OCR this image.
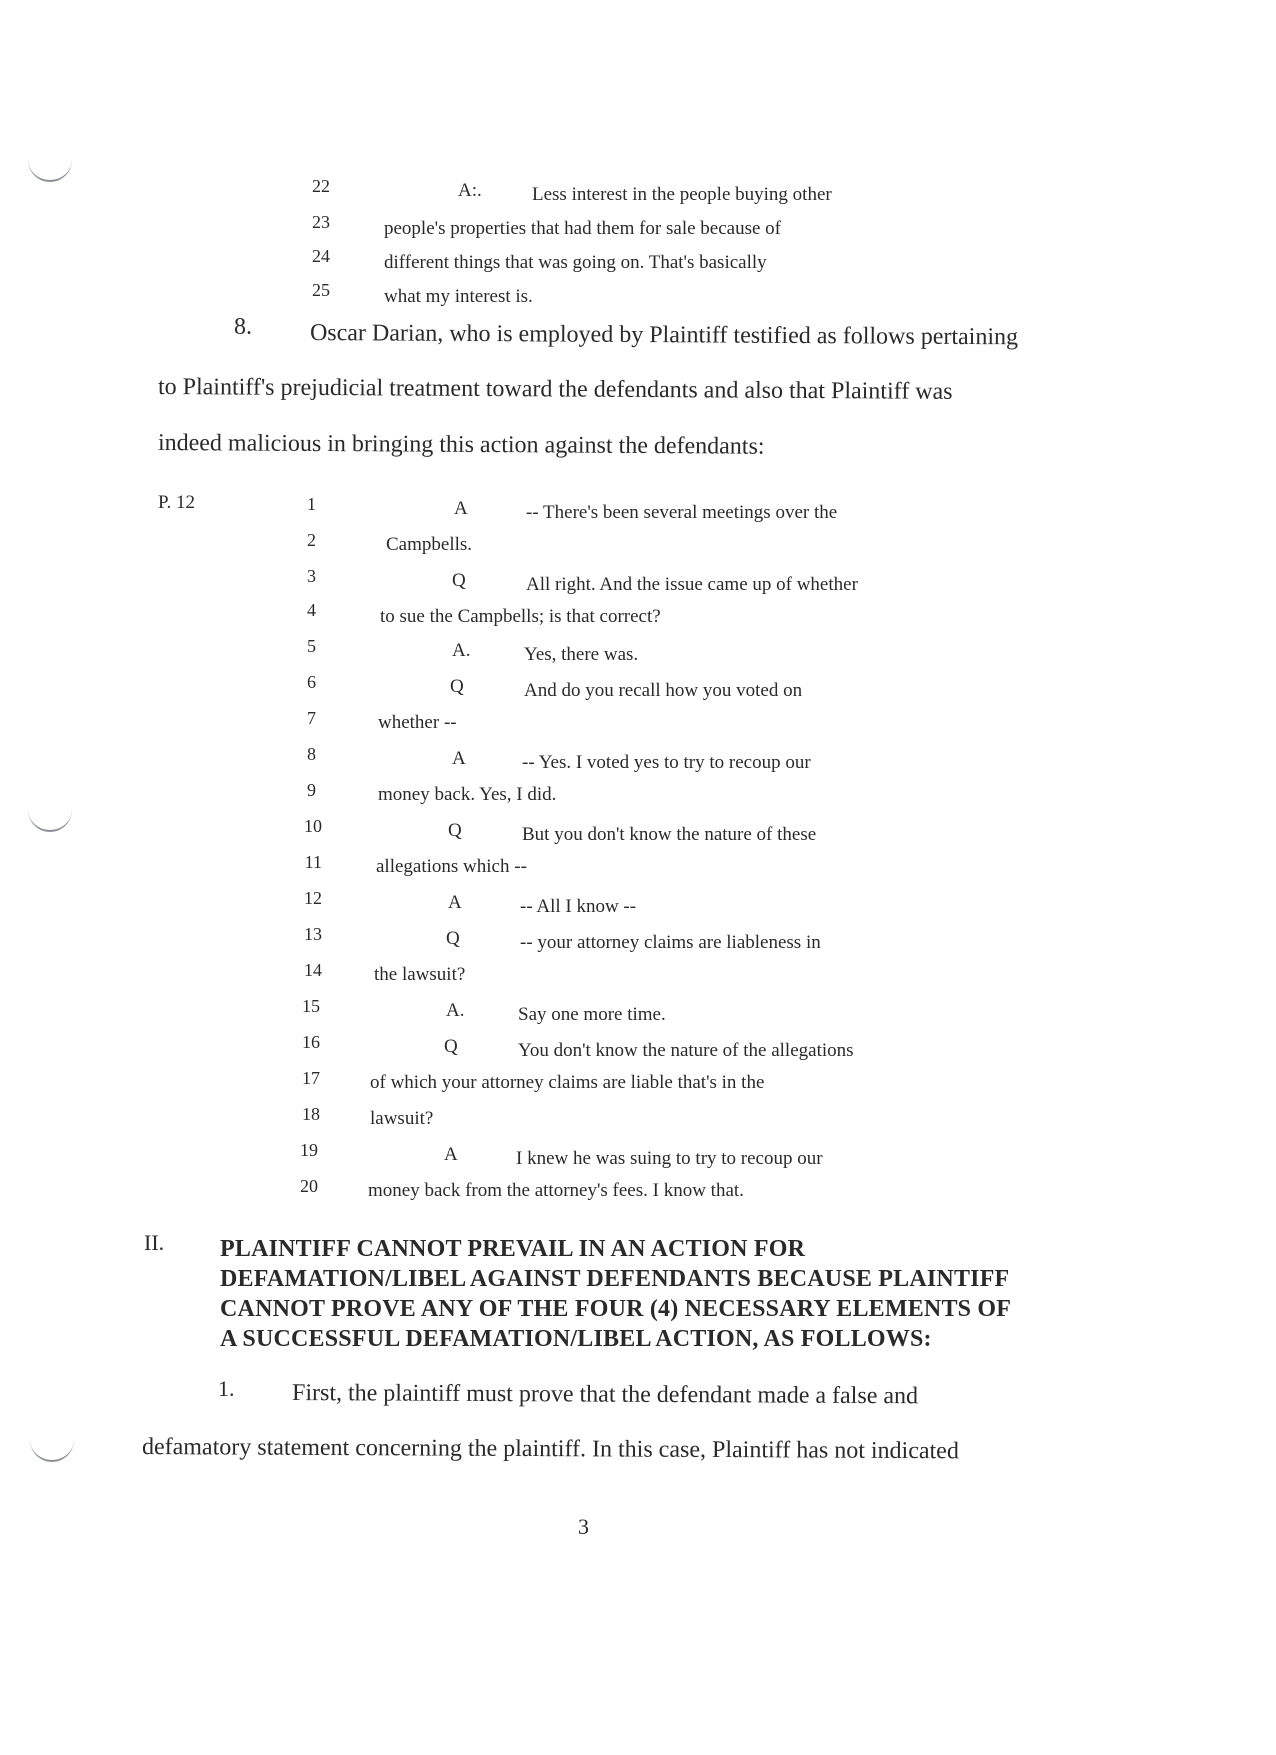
22	A:.	Less interest in the people buying other
23	people's properties that had them for sale because of
24	different things that was going on. That's basically
25	what my interest is.
8. Oscar Darian, who is employed by Plaintiff testified as follows pertaining
to Plaintiff's prejudicial treatment toward the defendants and also that Plaintiff was
indeed malicious in bringing this action against the defendants:
P. 12	1	A	-- There's been several meetings over the
2	Campbells.
3	Q	All right. And the issue came up of whether
4	to sue the Campbells; is that correct?
5	A.	Yes, there was.
6	Q	And do you recall how you voted on
7	whether --
8	A	-- Yes. I voted yes to try to recoup our
9	money back. Yes, I did.
10	Q	But you don't know the nature of these
11	allegations which --
12	A	-- All I know --
13	Q	-- your attorney claims are liableness in
14	the lawsuit?
15	A.	Say one more time.
16	Q	You don't know the nature of the allegations
17	of which your attorney claims are liable that's in the
18	lawsuit?
19	A	I knew he was suing to try to recoup our
20	money back from the attorney's fees. I know that.
II. PLAINTIFF CANNOT PREVAIL IN AN ACTION FOR
DEFAMATION/LIBEL AGAINST DEFENDANTS BECAUSE PLAINTIFF
CANNOT PROVE ANY OF THE FOUR (4) NECESSARY ELEMENTS OF
A SUCCESSFUL DEFAMATION/LIBEL ACTION, AS FOLLOWS:
1. First, the plaintiff must prove that the defendant made a false and
defamatory statement concerning the plaintiff. In this case, Plaintiff has not indicated
3
